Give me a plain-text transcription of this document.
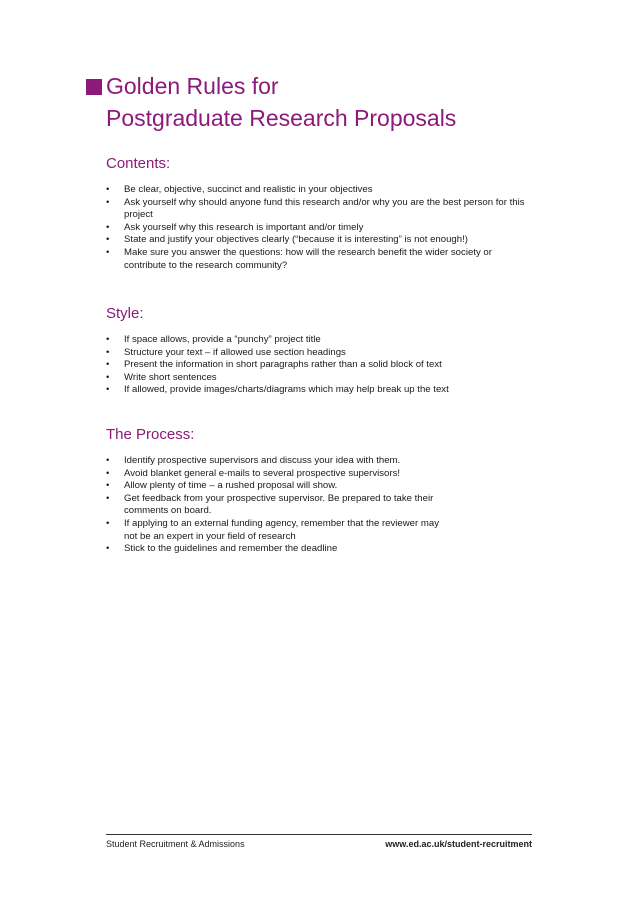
Golden Rules for
Postgraduate Research Proposals
Contents:
• Be clear, objective, succinct and realistic in your objectives
• Ask yourself why should anyone fund this research and/or why you are the best person for this project
• Ask yourself why this research is important and/or timely
• State and justify your objectives clearly (“because it is interesting” is not enough!)
• Make sure you answer the questions: how will the research benefit the wider society or contribute to the research community?
Style:
• If space allows, provide a “punchy” project title
• Structure your text – if allowed use section headings
• Present the information in short paragraphs rather than a solid block of text
• Write short sentences
• If allowed, provide images/charts/diagrams which may help break up the text
The Process:
• Identify prospective supervisors and discuss your idea with them.
• Avoid blanket general e-mails to several prospective supervisors!
• Allow plenty of time – a rushed proposal will show.
• Get feedback from your prospective supervisor. Be prepared to take their comments on board.
• If applying to an external funding agency, remember that the reviewer may not be an expert in your field of research
• Stick to the guidelines and remember the deadline
Student Recruitment & Admissions	www.ed.ac.uk/student-recruitment
